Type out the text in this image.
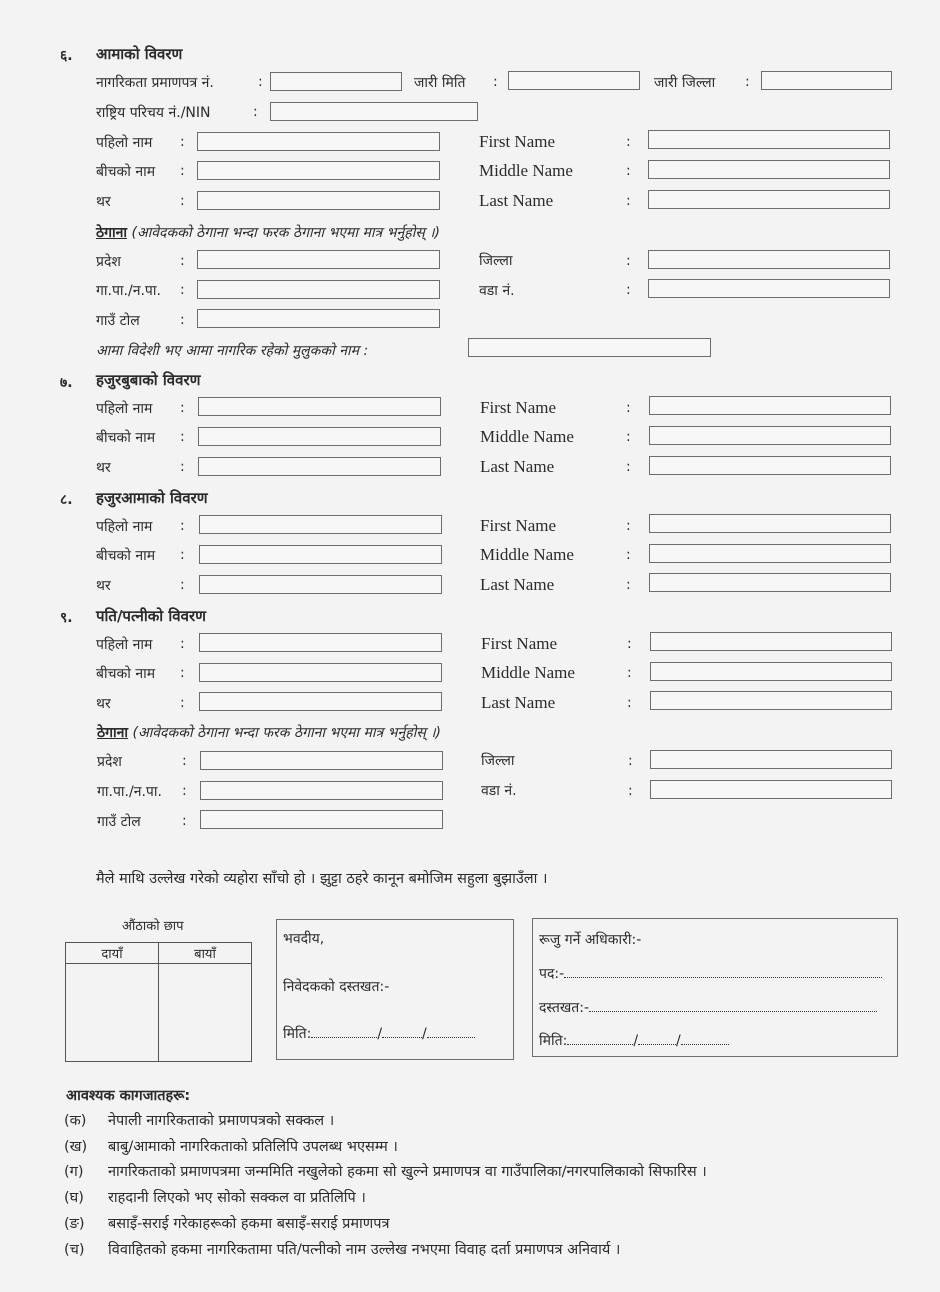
६. आमाको विवरण
नागरिकता प्रमाणपत्र नं.	:	जारी मिति :	जारी जिल्ला :
राष्ट्रिय परिचय नं./NIN	:
पहिलो नाम :	First Name	:
बीचको नाम :	Middle Name	:
थर	:	Last Name	:
ठेगाना (आवेदकको ठेगाना भन्दा फरक ठेगाना भएमा मात्र भर्नुहोस् ।)
प्रदेश	:	जिल्ला	:
गा.पा./न.पा. :	वडा नं.	:
गाउँ टोल	:
आमा विदेशी भए आमा नागरिक रहेको मुलुकको नाम :
७. हजुरबुबाको विवरण
पहिलो नाम :	First Name	:
बीचको नाम :	Middle Name	:
थर	:	Last Name	:
८. हजुरआमाको विवरण
पहिलो नाम :	First Name	:
बीचको नाम :	Middle Name	:
थर	:	Last Name	:
९. पति/पत्नीको विवरण
पहिलो नाम :	First Name	:
बीचको नाम :	Middle Name	:
थर	:	Last Name	:
ठेगाना (आवेदकको ठेगाना भन्दा फरक ठेगाना भएमा मात्र भर्नुहोस् ।)
प्रदेश	:	जिल्ला	:
गा.पा./न.पा. :	वडा नं.	:
गाउँ टोल	:
मैले माथि उल्लेख गरेको व्यहोरा साँचो हो । झुट्टा ठहरे कानून बमोजिम सहुला बुझाउँला ।
औंठाको छाप
दायाँ	बायाँ

भवदीय,
निवेदकको दस्तखत:-
मिति:	/	/
रूजु गर्ने अधिकारी:-
पद:-
दस्तखत:-
मिति:	/	/
आवश्यक कागजातहरू:
(क) नेपाली नागरिकताको प्रमाणपत्रको सक्कल ।
(ख) बाबु/आमाको नागरिकताको प्रतिलिपि उपलब्ध भएसम्म ।
(ग) नागरिकताको प्रमाणपत्रमा जन्ममिति नखुलेको हकमा सो खुल्ने प्रमाणपत्र वा गाउँपालिका/नगरपालिकाको सिफारिस ।
(घ) राहदानी लिएको भए सोको सक्कल वा प्रतिलिपि ।
(ङ) बसाइँ-सराई गरेकाहरूको हकमा बसाइँ-सराई प्रमाणपत्र
(च) विवाहितको हकमा नागरिकतामा पति/पत्नीको नाम उल्लेख नभएमा विवाह दर्ता प्रमाणपत्र अनिवार्य ।
